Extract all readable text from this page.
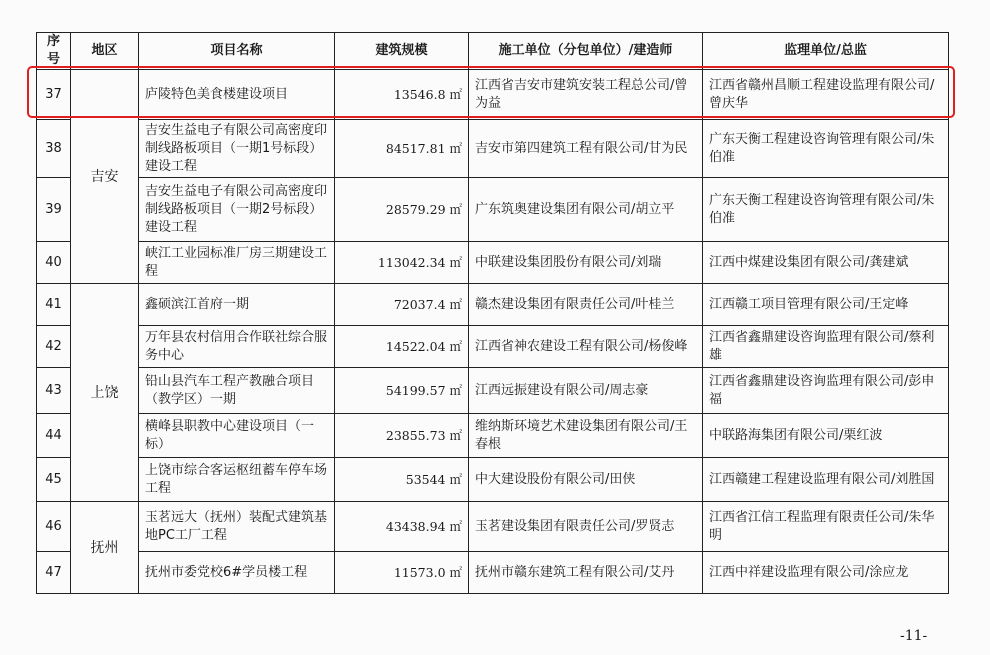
序号	地区	项目名称	建筑规模	施工单位（分包单位）/建造师	监理单位/总监
37	吉安	庐陵特色美食楼建设项目	13546.8 ㎡	江西省吉安市建筑安装工程总公司/曾为益	江西省赣州昌顺工程建设监理有限公司/曾庆华
38		吉安生益电子有限公司高密度印制线路板项目（一期1号标段）建设工程	84517.81 ㎡	吉安市第四建筑工程有限公司/甘为民	广东天衡工程建设咨询管理有限公司/朱伯准
39		吉安生益电子有限公司高密度印制线路板项目（一期2号标段）建设工程	28579.29 ㎡	广东筑奥建设集团有限公司/胡立平	广东天衡工程建设咨询管理有限公司/朱伯准
40		峡江工业园标准厂房三期建设工程	113042.34 ㎡	中联建设集团股份有限公司/刘瑞	江西中煤建设集团有限公司/龚建斌
41	上饶	鑫硕滨江首府一期	72037.4 ㎡	赣杰建设集团有限责任公司/叶桂兰	江西赣工项目管理有限公司/王定峰
42		万年县农村信用合作联社综合服务中心	14522.04 ㎡	江西省神农建设工程有限公司/杨俊峰	江西省鑫鼎建设咨询监理有限公司/蔡利雄
43		铅山县汽车工程产教融合项目（教学区）一期	54199.57 ㎡	江西远振建设有限公司/周志豪	江西省鑫鼎建设咨询监理有限公司/彭申福
44		横峰县职教中心建设项目（一标）	23855.73 ㎡	维纳斯环境艺术建设集团有限公司/王春根	中联路海集团有限公司/栗红波
45		上饶市综合客运枢纽蓄车停车场工程	53544 ㎡	中大建设股份有限公司/田侠	江西赣建工程建设监理有限公司/刘胜国
46	抚州	玉茗远大（抚州）装配式建筑基地PC工厂工程	43438.94 ㎡	玉茗建设集团有限责任公司/罗贤志	江西省江信工程监理有限责任公司/朱华明
47		抚州市委党校6#学员楼工程	11573.0 ㎡	抚州市赣东建筑工程有限公司/艾丹	江西中祥建设监理有限公司/涂应龙
-11-
